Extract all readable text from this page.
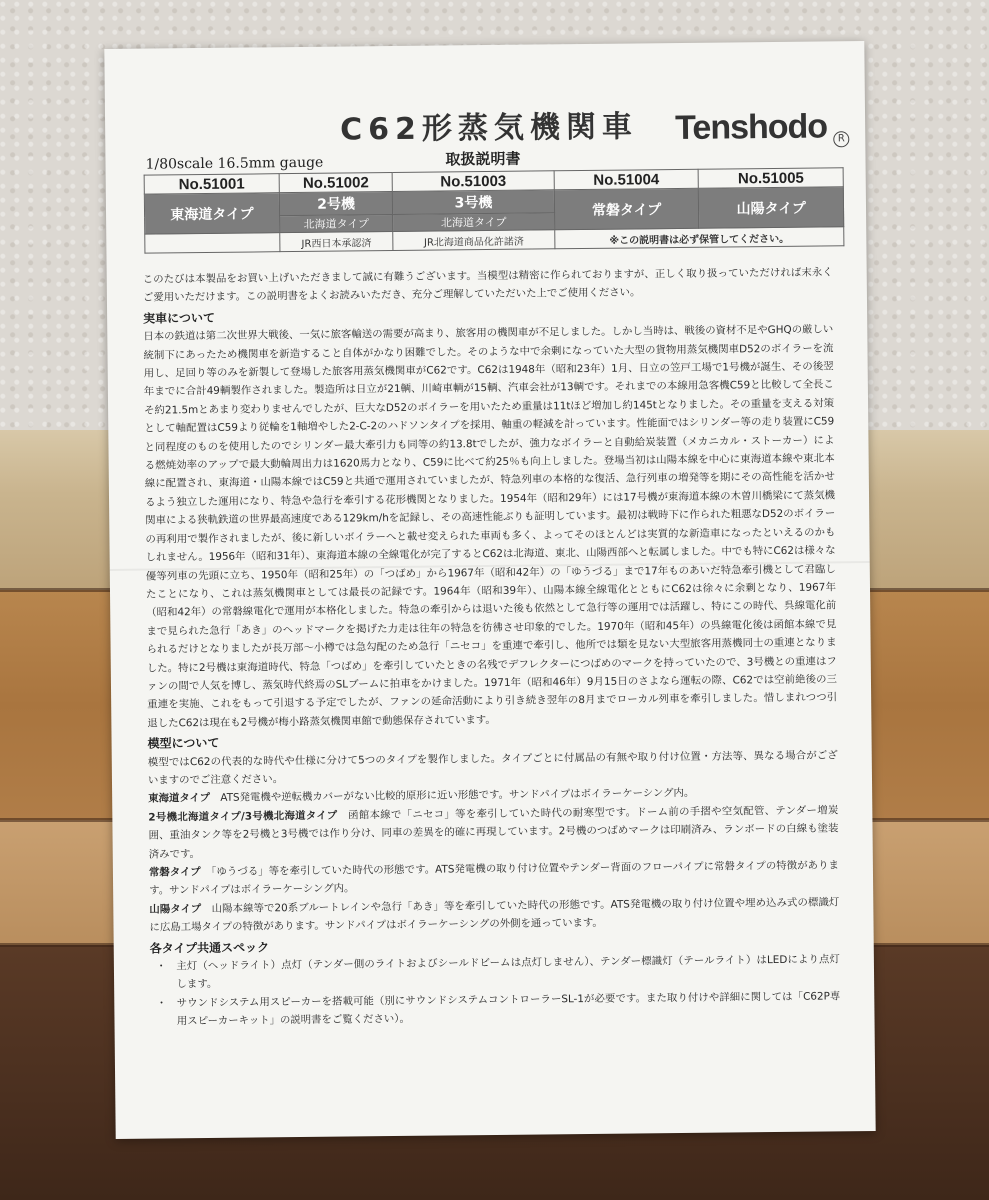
C62形蒸気機関車 Tenshodo	R
1/80scale 16.5mm gauge	取扱説明書
No.51001	No.51002	No.51003	No.51004	No.51005
東海道タイプ	2号機	3号機	常磐タイプ	山陽タイプ
	北海道タイプ	北海道タイプ		
	JR西日本承認済	JR北海道商品化許諾済	※この説明書は必ず保管してください。	

このたびは本製品をお買い上げいただきまして誠に有難うございます。当模型は精密に作られておりますが、正しく取り扱っていただければ末永くご愛用いただけます。この説明書をよくお読みいただき、充分ご理解していただいた上でご使用ください。

実車について

日本の鉄道は第二次世界大戦後、一気に旅客輸送の需要が高まり、旅客用の機関車が不足しました。しかし当時は、戦後の資材不足やGHQの厳しい統制下にあったため機関車を新造すること自体がかなり困難でした。そのような中で余剰になっていた大型の貨物用蒸気機関車D52のボイラーを流用し、足回り等のみを新製して登場した旅客用蒸気機関車がC62です。C62は1948年（昭和23年）1月、日立の笠戸工場で1号機が誕生、その後翌年までに合計49輌製作されました。製造所は日立が21輌、川崎車輌が15輌、汽車会社が13輌です。それまでの本線用急客機C59と比較して全長こそ約21.5mとあまり変わりませんでしたが、巨大なD52のボイラーを用いたため重量は11tほど増加し約145tとなりました。その重量を支える対策として軸配置はC59より従輪を1軸増やした2-C-2のハドソンタイプを採用、軸重の軽減を計っています。性能面ではシリンダー等の走り装置にC59と同程度のものを使用したのでシリンダー最大牽引力も同等の約13.8tでしたが、強力なボイラーと自動給炭装置（メカニカル・ストーカー）による燃焼効率のアップで最大動輪周出力は1620馬力となり、C59に比べて約25％も向上しました。登場当初は山陽本線を中心に東海道本線や東北本線に配置され、東海道・山陽本線ではC59と共通で運用されていましたが、特急列車の本格的な復活、急行列車の増発等を期にその高性能を活かせるよう独立した運用になり、特急や急行を牽引する花形機関となりました。1954年（昭和29年）には17号機が東海道本線の木曽川橋梁にて蒸気機関車による狭軌鉄道の世界最高速度である129km/hを記録し、その高速性能ぶりも証明しています。最初は戦時下に作られた粗悪なD52のボイラーの再利用で製作されましたが、後に新しいボイラーへと載せ変えられた車両も多く、よってそのほとんどは実質的な新造車になったといえるのかもしれません。1956年（昭和31年）、東海道本線の全線電化が完了するとC62は北海道、東北、山陽西部へと転属しました。中でも特にC62は様々な優等列車の先頭に立ち、1950年（昭和25年）の「つばめ」から1967年（昭和42年）の「ゆうづる」まで17年ものあいだ特急牽引機として君臨したことになり、これは蒸気機関車としては最長の記録です。1964年（昭和39年）、山陽本線全線電化とともにC62は徐々に余剰となり、1967年（昭和42年）の常磐線電化で運用が本格化しました。特急の牽引からは退いた後も依然として急行等の運用では活躍し、特にこの時代、呉線電化前まで見られた急行「あき」のヘッドマークを掲げた力走は往年の特急を彷彿させ印象的でした。1970年（昭和45年）の呉線電化後は函館本線で見られるだけとなりましたが長万部〜小樽では急勾配のため急行「ニセコ」を重連で牽引し、他所では類を見ない大型旅客用蒸機同士の重連となりました。特に2号機は東海道時代、特急「つばめ」を牽引していたときの名残でデフレクターにつばめのマークを持っていたので、3号機との重連はファンの間で人気を博し、蒸気時代終焉のSLブームに拍車をかけました。1971年（昭和46年）9月15日のさよなら運転の際、C62では空前絶後の三重連を実施、これをもって引退する予定でしたが、ファンの延命活動により引き続き翌年の8月までローカル列車を牽引しました。惜しまれつつ引退したC62は現在も2号機が梅小路蒸気機関車館で動態保存されています。

模型について

模型ではC62の代表的な時代や仕様に分けて5つのタイプを製作しました。タイプごとに付属品の有無や取り付け位置・方法等、異なる場合がございますのでご注意ください。

東海道タイプ　 ATS発電機や逆転機カバーがない比較的原形に近い形態です。サンドパイプはボイラーケーシング内。

2号機北海道タイプ/3号機北海道タイプ　 函館本線で「ニセコ」等を牽引していた時代の耐寒型です。ドーム前の手摺や空気配管、テンダー増炭囲、重油タンク等を2号機と3号機では作り分け、同車の差異を的確に再現しています。2号機のつばめマークは印刷済み、ランボードの白線も塗装済みです。

常磐タイプ　 「ゆうづる」等を牽引していた時代の形態です。ATS発電機の取り付け位置やテンダー背面のフローパイプに常磐タイプの特徴があります。サンドパイプはボイラーケーシング内。

山陽タイプ　 山陽本線等で20系ブルートレインや急行「あき」等を牽引していた時代の形態です。ATS発電機の取り付け位置や埋め込み式の標識灯に広島工場タイプの特徴があります。サンドパイプはボイラーケーシングの外側を通っています。

各タイプ共通スペック

・ 主灯（ヘッドライト）点灯（テンダー側のライトおよびシールドビームは点灯しません）、テンダー標識灯（テールライト）はLEDにより点灯します。
・ サウンドシステム用スピーカーを搭載可能（別にサウンドシステムコントローラーSL-1が必要です。また取り付けや詳細に関しては「C62P専用スピーカーキット」の説明書をご覧ください）。
